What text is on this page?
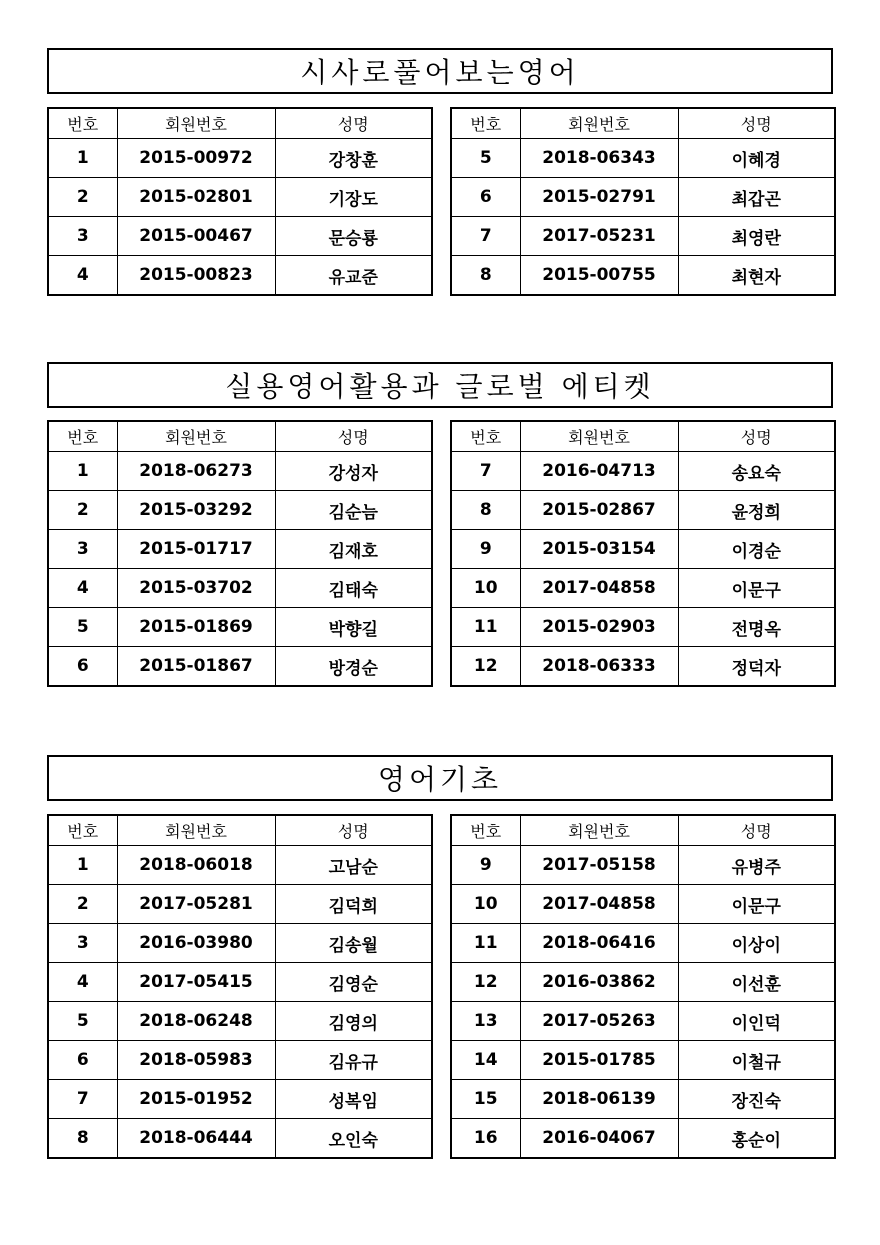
시사로풀어보는영어
번호	회원번호	성명
1	2015-00972	강창훈
2	2015-02801	기장도
3	2015-00467	문승룡
4	2015-00823	유교준
번호	회원번호	성명
5	2018-06343	이혜경
6	2015-02791	최갑곤
7	2017-05231	최영란
8	2015-00755	최현자
실용영어활용과 글로벌 에티켓
번호	회원번호	성명
1	2018-06273	강성자
2	2015-03292	김순늠
3	2015-01717	김재호
4	2015-03702	김태숙
5	2015-01869	박향길
6	2015-01867	방경순
번호	회원번호	성명
7	2016-04713	송요숙
8	2015-02867	윤정희
9	2015-03154	이경순
10	2017-04858	이문구
11	2015-02903	전명옥
12	2018-06333	정덕자
영어기초
번호	회원번호	성명
1	2018-06018	고남순
2	2017-05281	김덕희
3	2016-03980	김송월
4	2017-05415	김영순
5	2018-06248	김영의
6	2018-05983	김유규
7	2015-01952	성복임
8	2018-06444	오인숙
번호	회원번호	성명
9	2017-05158	유병주
10	2017-04858	이문구
11	2018-06416	이상이
12	2016-03862	이선훈
13	2017-05263	이인덕
14	2015-01785	이철규
15	2018-06139	장진숙
16	2016-04067	홍순이
